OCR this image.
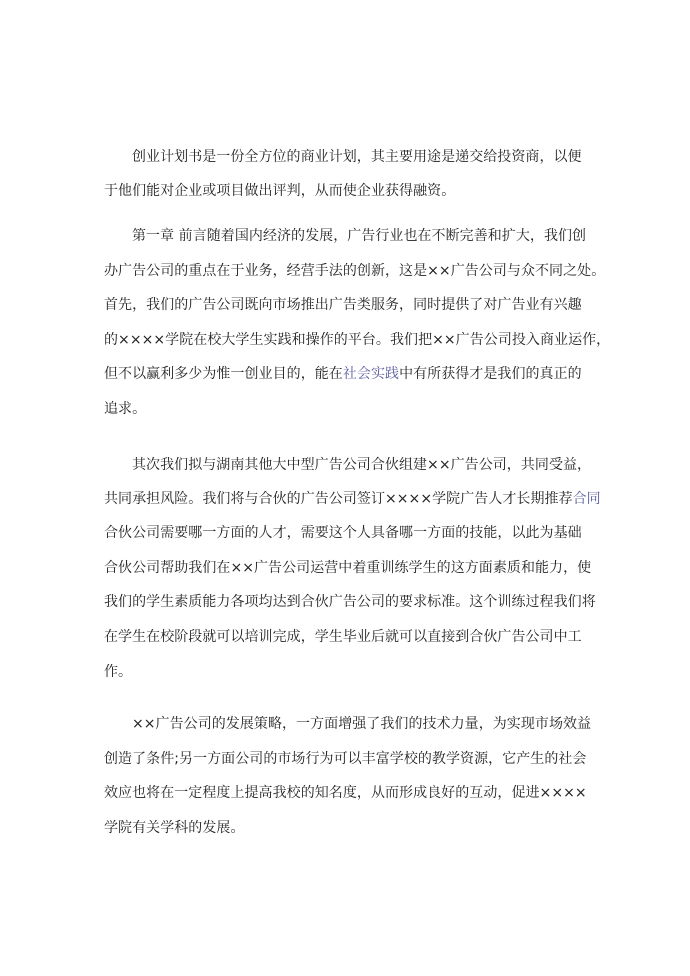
创业计划书是一份全方位的商业计划，其主要用途是递交给投资商，以便
于他们能对企业或项目做出评判，从而使企业获得融资。
第一章 前言随着国内经济的发展，广告行业也在不断完善和扩大，我们创
办广告公司的重点在于业务，经营手法的创新，这是××广告公司与众不同之处。
首先，我们的广告公司既向市场推出广告类服务，同时提供了对广告业有兴趣
的××××学院在校大学生实践和操作的平台。我们把××广告公司投入商业运作，
但不以赢利多少为惟一创业目的，能在社会实践中有所获得才是我们的真正的
追求。
其次我们拟与湖南其他大中型广告公司合伙组建××广告公司，共同受益，
共同承担风险。我们将与合伙的广告公司签订××××学院广告人才长期推荐合同
合伙公司需要哪一方面的人才，需要这个人具备哪一方面的技能，以此为基础
合伙公司帮助我们在××广告公司运营中着重训练学生的这方面素质和能力，使
我们的学生素质能力各项均达到合伙广告公司的要求标准。这个训练过程我们将
在学生在校阶段就可以培训完成，学生毕业后就可以直接到合伙广告公司中工
作。
××广告公司的发展策略，一方面增强了我们的技术力量，为实现市场效益
创造了条件;另一方面公司的市场行为可以丰富学校的教学资源，它产生的社会
效应也将在一定程度上提高我校的知名度，从而形成良好的互动，促进××××
学院有关学科的发展。
